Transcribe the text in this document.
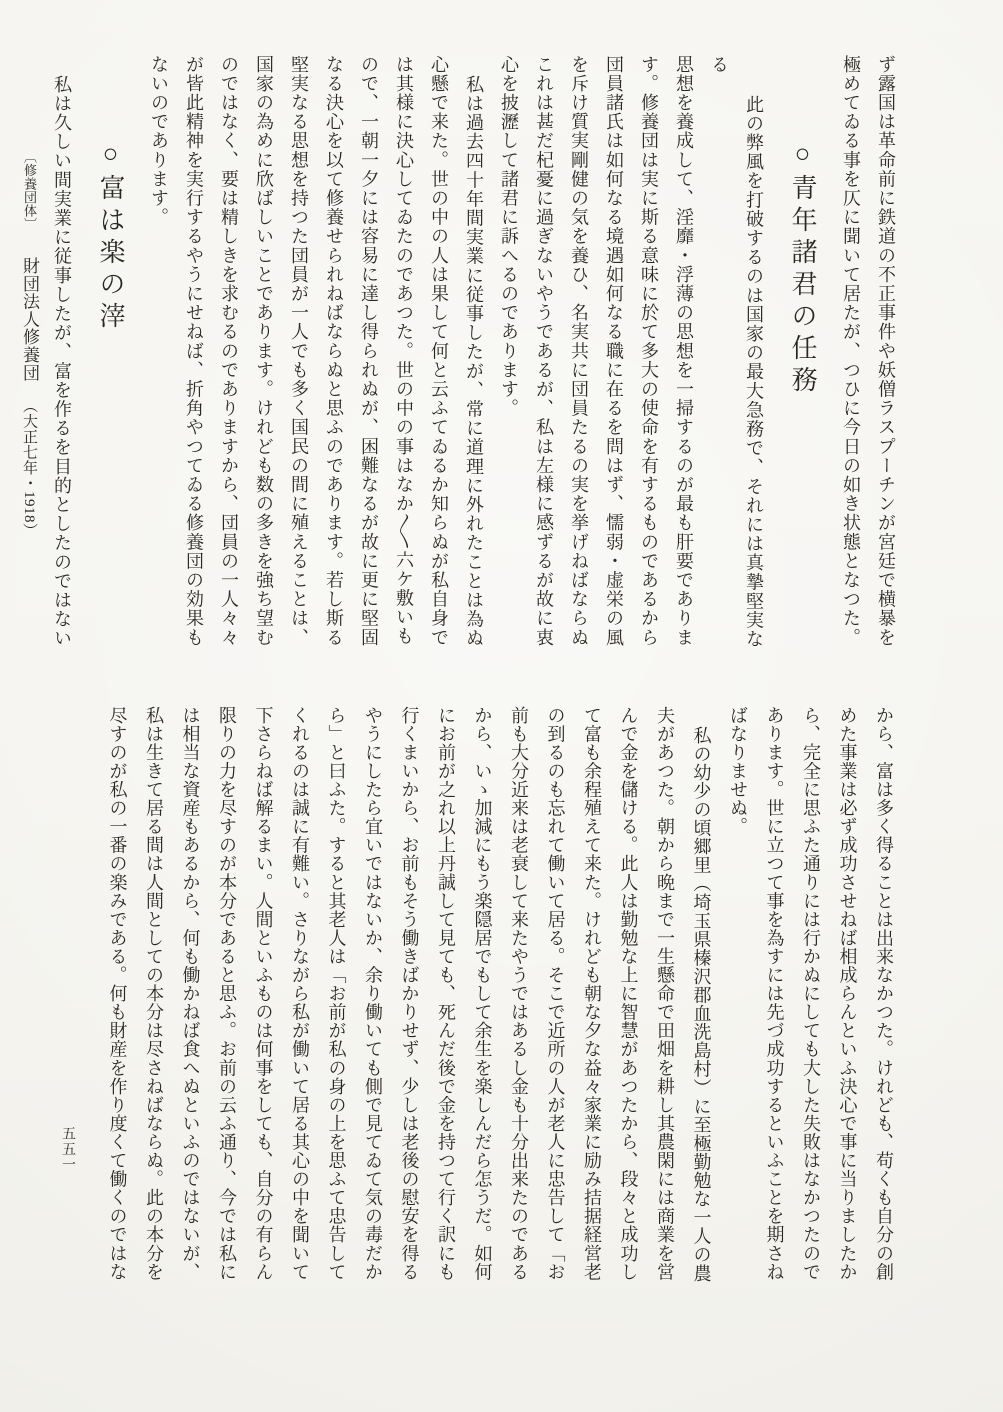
ず露国は革命前に鉄道の不正事件や妖僧ラスプーチンが宮廷で横暴を

極めてゐる事を仄に聞いて居たが、つひに今日の如き状態となつた。

○青年諸君の任務

此の弊風を打破するのは国家の最大急務で、それには真摯堅実なる

思想を養成して、淫靡・浮薄の思想を一掃するのが最も肝要でありま

す。修養団は実に斯る意味に於て多大の使命を有するものであるから

団員諸氏は如何なる境遇如何なる職に在るを問はず、懦弱・虚栄の風

を斥け質実剛健の気を養ひ、名実共に団員たるの実を挙げねばならぬ

これは甚だ杞憂に過ぎないやうであるが、私は左様に感ずるが故に衷

心を披瀝して諸君に訴へるのであります。

私は過去四十年間実業に従事したが、常に道理に外れたことは為ぬ

心懸で来た。世の中の人は果して何と云ふてゐるか知らぬが私自身で

は其様に決心してゐたのであつた。世の中の事はなか〱六ケ敷いも

ので、一朝一夕には容易に達し得られぬが、困難なるが故に更に堅固

なる決心を以て修養せられねばならぬと思ふのであります。若し斯る

堅実なる思想を持つた団員が一人でも多く国民の間に殖えることは、

国家の為めに欣ばしいことであります。けれども数の多きを強ち望む

のではなく、要は精しきを求むるのでありますから、団員の一人々々

が皆此精神を実行するやうにせねば、折角やつてゐる修養団の効果も

ないのであります。

○富は楽の滓

私は久しい間実業に従事したが、富を作るを目的としたのではない

〔修養団体〕財団法人修養団（大正七年・1918）

から、富は多く得ることは出来なかつた。けれども、苟くも自分の創

めた事業は必ず成功させねば相成らんといふ決心で事に当りましたか

ら、完全に思ふた通りには行かぬにしても大した失敗はなかつたので

あります。世に立つて事を為すには先づ成功するといふことを期さね

ばなりませぬ。

私の幼少の頃郷里（埼玉県榛沢郡血洗島村）に至極勤勉な一人の農

夫があつた。朝から晩まで一生懸命で田畑を耕し其農閑には商業を営

んで金を儲ける。此人は勤勉な上に智慧があつたから、段々と成功し

て富も余程殖えて来た。けれども朝な夕な益々家業に励み拮据経営老

の到るのも忘れて働いて居る。そこで近所の人が老人に忠告して「お

前も大分近来は老衰して来たやうではあるし金も十分出来たのである

から、いゝ加減にもう楽隠居でもして余生を楽しんだら怎うだ。如何

にお前が之れ以上丹誠して見ても、死んだ後で金を持つて行く訳にも

行くまいから、お前もそう働きばかりせず、少しは老後の慰安を得る

やうにしたら宜いではないか、余り働いても側で見てゐて気の毒だか

ら」と曰ふた。すると其老人は「お前が私の身の上を思ふて忠告して

くれるのは誠に有難い。さりながら私が働いて居る其心の中を聞いて

下さらねば解るまい。人間といふものは何事をしても、自分の有らん

限りの力を尽すのが本分であると思ふ。お前の云ふ通り、今では私に

は相当な資産もあるから、何も働かねば食へぬといふのではないが、

私は生きて居る間は人間としての本分は尽さねばならぬ。此の本分を

尽すのが私の一番の楽みである。何も財産を作り度くて働くのではな

五五一
